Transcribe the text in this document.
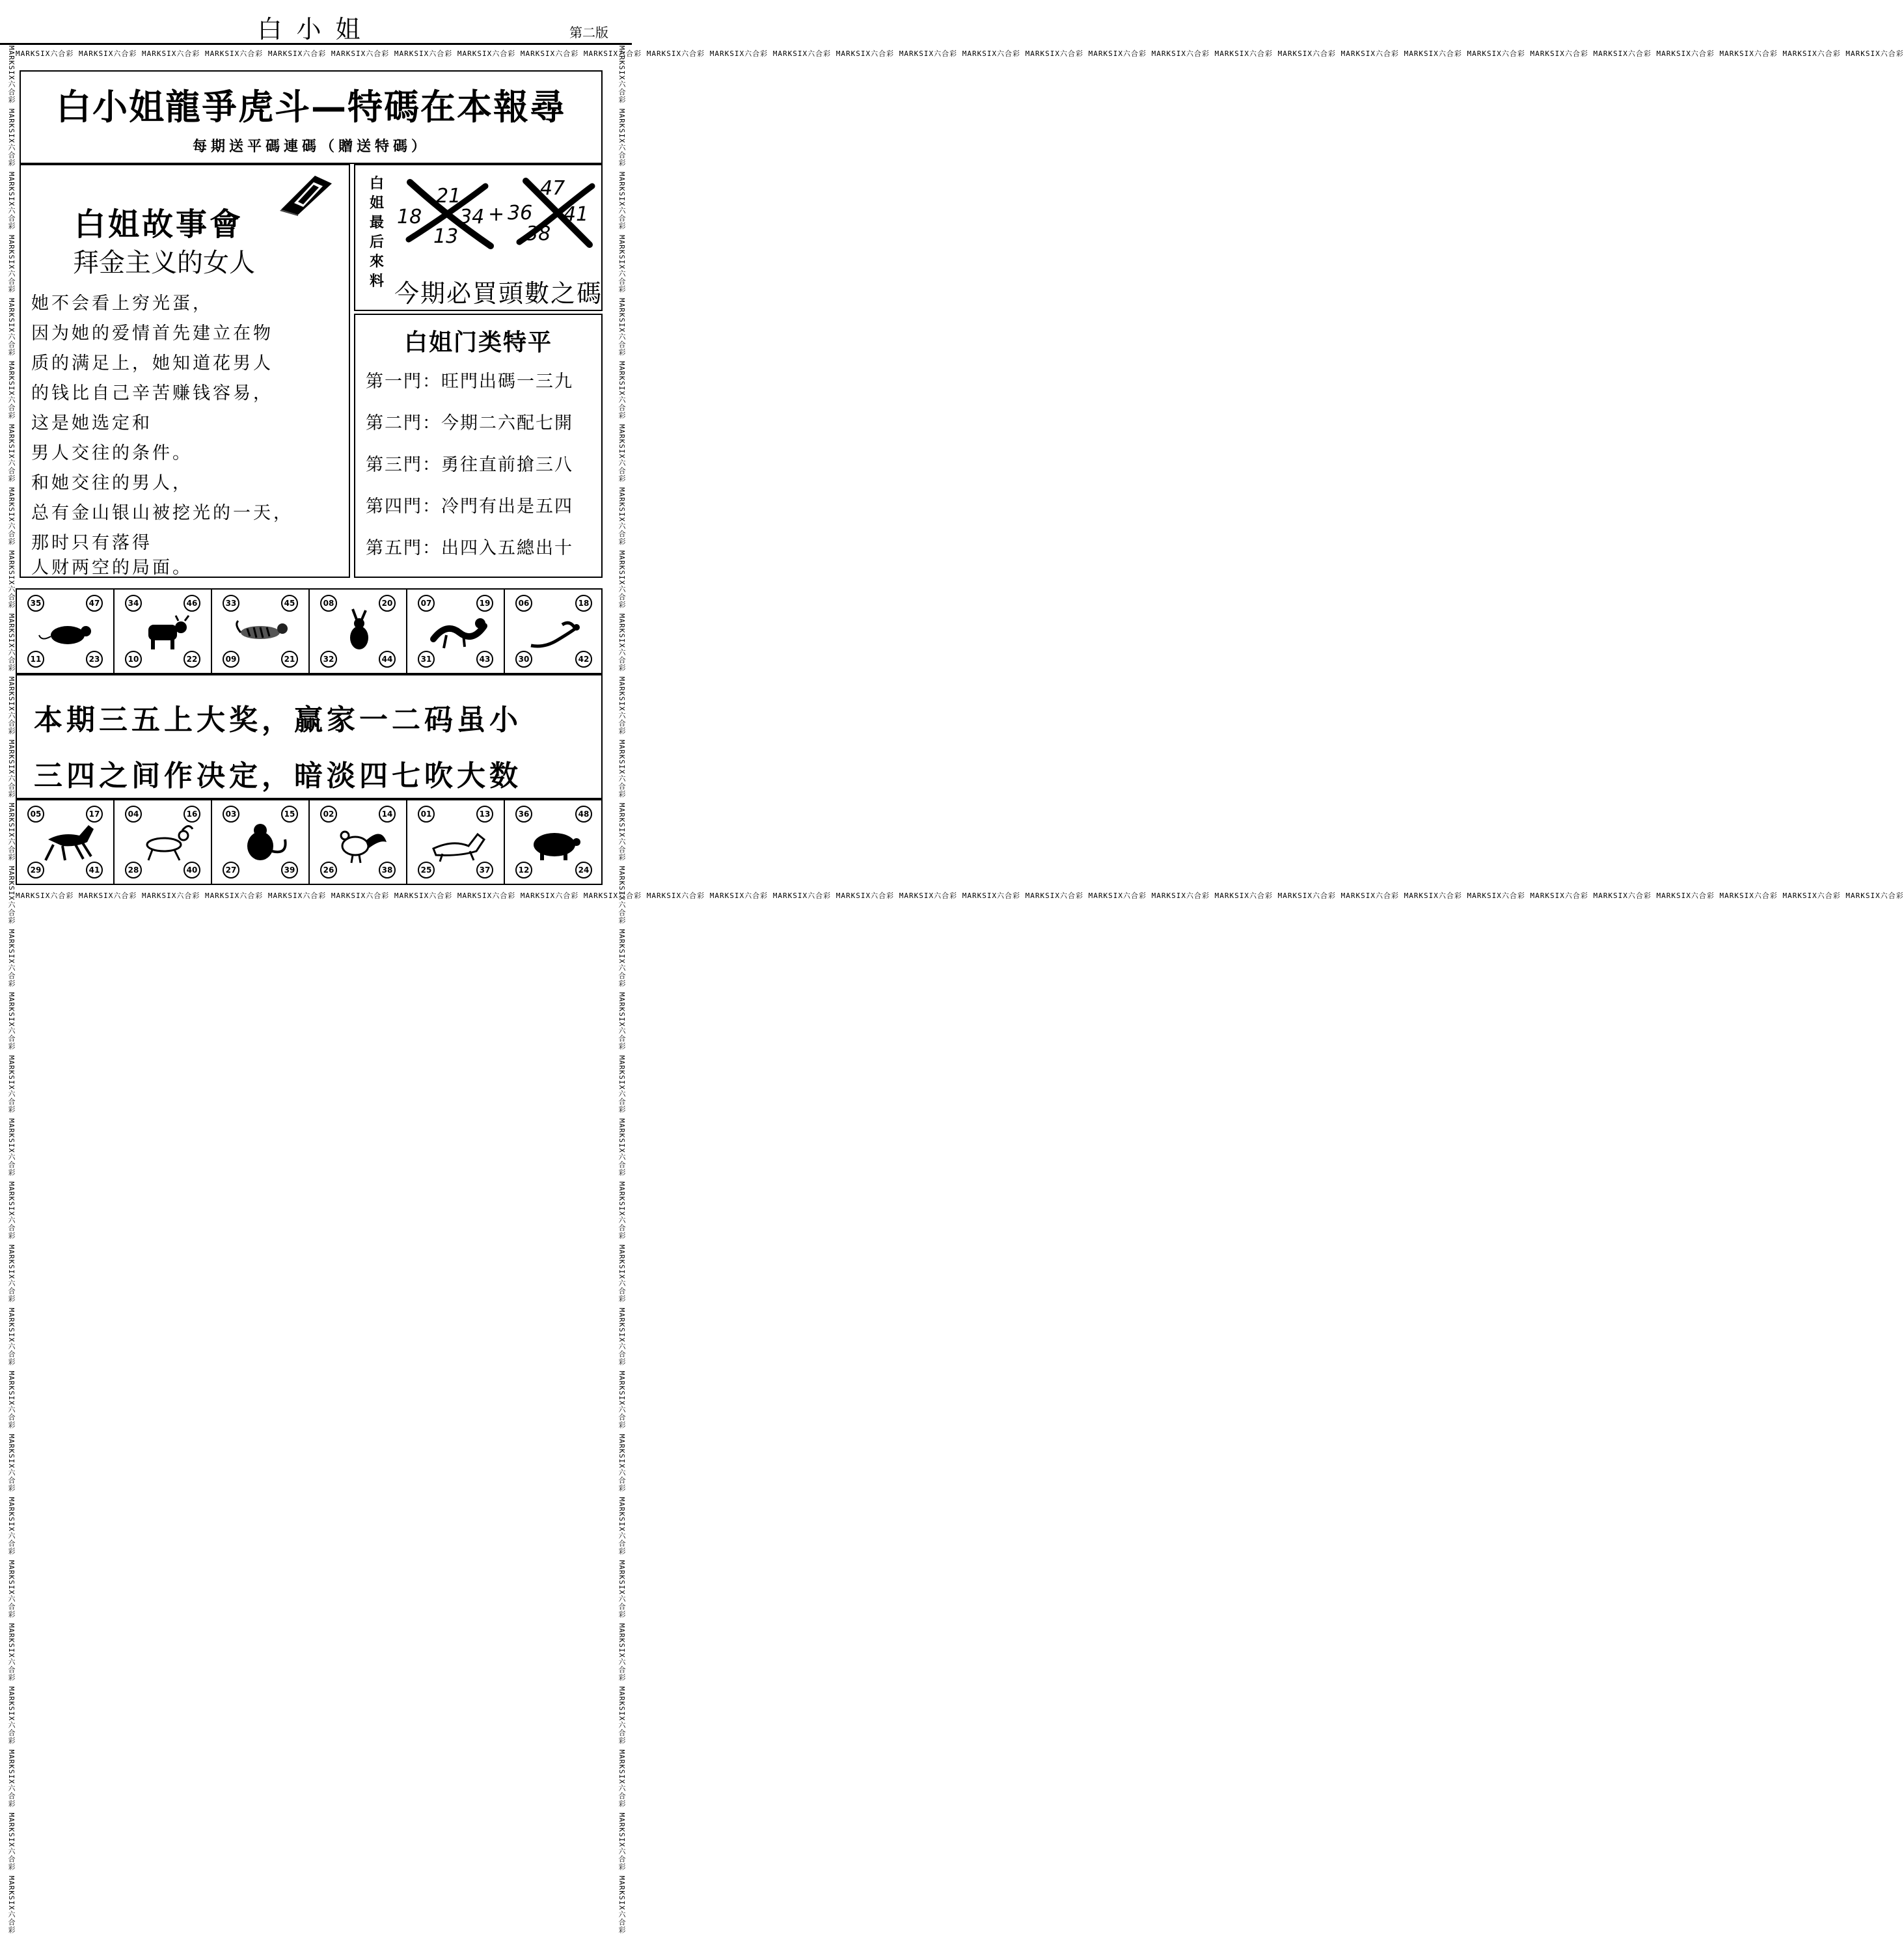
白小姐	第二版
MARKSIX六合彩 MARKSIX六合彩 MARKSIX六合彩 MARKSIX六合彩 MARKSIX六合彩 MARKSIX六合彩 MARKSIX六合彩 MARKSIX六合彩 MARKSIX六合彩 MARKSIX六合彩 MARKSIX六合彩 MARKSIX六合彩 MARKSIX六合彩 MARKSIX六合彩 MARKSIX六合彩 MARKSIX六合彩 MARKSIX六合彩 MARKSIX六合彩 MARKSIX六合彩 MARKSIX六合彩 MARKSIX六合彩 MARKSIX六合彩 MARKSIX六合彩 MARKSIX六合彩 MARKSIX六合彩 MARKSIX六合彩 MARKSIX六合彩 MARKSIX六合彩 MARKSIX六合彩 MARKSIX六合彩
MARKSIX六合彩 MARKSIX六合彩 MARKSIX六合彩 MARKSIX六合彩 MARKSIX六合彩 MARKSIX六合彩 MARKSIX六合彩 MARKSIX六合彩 MARKSIX六合彩 MARKSIX六合彩 MARKSIX六合彩 MARKSIX六合彩 MARKSIX六合彩 MARKSIX六合彩 MARKSIX六合彩 MARKSIX六合彩 MARKSIX六合彩 MARKSIX六合彩 MARKSIX六合彩 MARKSIX六合彩 MARKSIX六合彩 MARKSIX六合彩 MARKSIX六合彩 MARKSIX六合彩 MARKSIX六合彩 MARKSIX六合彩 MARKSIX六合彩 MARKSIX六合彩 MARKSIX六合彩 MARKSIX六合彩
MARKSIX六合彩 MARKSIX六合彩 MARKSIX六合彩 MARKSIX六合彩 MARKSIX六合彩 MARKSIX六合彩 MARKSIX六合彩 MARKSIX六合彩 MARKSIX六合彩 MARKSIX六合彩 MARKSIX六合彩 MARKSIX六合彩 MARKSIX六合彩 MARKSIX六合彩 MARKSIX六合彩 MARKSIX六合彩 MARKSIX六合彩 MARKSIX六合彩 MARKSIX六合彩 MARKSIX六合彩 MARKSIX六合彩 MARKSIX六合彩 MARKSIX六合彩 MARKSIX六合彩 MARKSIX六合彩 MARKSIX六合彩 MARKSIX六合彩 MARKSIX六合彩 MARKSIX六合彩 MARKSIX六合彩	MARKSIX六合彩 MARKSIX六合彩 MARKSIX六合彩 MARKSIX六合彩 MARKSIX六合彩 MARKSIX六合彩 MARKSIX六合彩 MARKSIX六合彩 MARKSIX六合彩 MARKSIX六合彩 MARKSIX六合彩 MARKSIX六合彩 MARKSIX六合彩 MARKSIX六合彩 MARKSIX六合彩 MARKSIX六合彩 MARKSIX六合彩 MARKSIX六合彩 MARKSIX六合彩 MARKSIX六合彩 MARKSIX六合彩 MARKSIX六合彩 MARKSIX六合彩 MARKSIX六合彩 MARKSIX六合彩 MARKSIX六合彩 MARKSIX六合彩 MARKSIX六合彩 MARKSIX六合彩 MARKSIX六合彩
白小姐龍爭虎斗—特碼在本報尋
每期送平碼連碼（贈送特碼）
白姐故事會
拜金主义的女人
她不会看上穷光蛋，
因为她的爱情首先建立在物
质的满足上，她知道花男人
的钱比自己辛苦赚钱容易，
这是她选定和
男人交往的条件。
和她交往的男人，
总有金山银山被挖光的一天，
那时只有落得
人财两空的局面。
白姐最后來料
21
18 34
13
+
47
36 41
38
今期必買頭數之碼
白姐门类特平
第一門：旺門出碼一三九
第二門：今期二六配七開
第三門：勇往直前搶三八
第四門：冷門有出是五四
第五門：出四入五總出十
35	47
11	23
34	46
10	22
33	45
09	21
08	20
32	44
07	19
31	43
06	18
30	42
本期三五上大奖，赢家一二码虽小
三四之间作决定，暗淡四七吹大数
05	17
29	41
04	16
28	40
03	15
27	39
02	14
26	38
01	13
25	37
36	48
12	24
